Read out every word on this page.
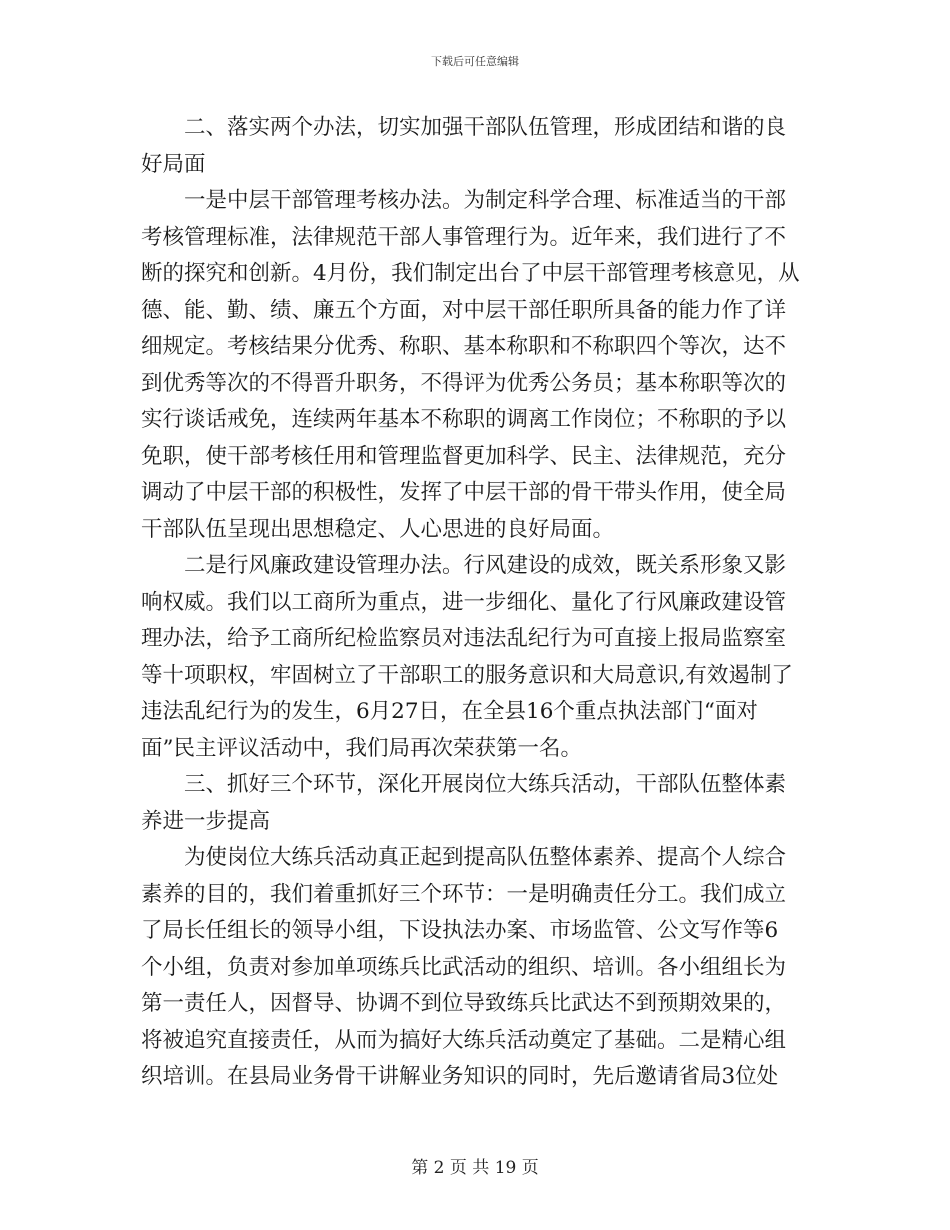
下载后可任意编辑
　　二、落实两个办法，切实加强干部队伍管理，形成团结和谐的良
好局面
　　一是中层干部管理考核办法。为制定科学合理、标准适当的干部
考核管理标准，法律规范干部人事管理行为。近年来，我们进行了不
断的探究和创新。4月份，我们制定出台了中层干部管理考核意见，从
德、能、勤、绩、廉五个方面，对中层干部任职所具备的能力作了详
细规定。考核结果分优秀、称职、基本称职和不称职四个等次，达不
到优秀等次的不得晋升职务，不得评为优秀公务员；基本称职等次的
实行谈话戒免，连续两年基本不称职的调离工作岗位；不称职的予以
免职，使干部考核任用和管理监督更加科学、民主、法律规范，充分
调动了中层干部的积极性，发挥了中层干部的骨干带头作用，使全局
干部队伍呈现出思想稳定、人心思进的良好局面。
　　二是行风廉政建设管理办法。行风建设的成效，既关系形象又影
响权威。我们以工商所为重点，进一步细化、量化了行风廉政建设管
理办法，给予工商所纪检监察员对违法乱纪行为可直接上报局监察室
等十项职权，牢固树立了干部职工的服务意识和大局意识,有效遏制了
违法乱纪行为的发生，6月27日，在全县16个重点执法部门“面对
面”民主评议活动中，我们局再次荣获第一名。
　　三、抓好三个环节，深化开展岗位大练兵活动，干部队伍整体素
养进一步提高
　　为使岗位大练兵活动真正起到提高队伍整体素养、提高个人综合
素养的目的，我们着重抓好三个环节：一是明确责任分工。我们成立
了局长任组长的领导小组，下设执法办案、市场监管、公文写作等6
个小组，负责对参加单项练兵比武活动的组织、培训。各小组组长为
第一责任人，因督导、协调不到位导致练兵比武达不到预期效果的，
将被追究直接责任，从而为搞好大练兵活动奠定了基础。二是精心组
织培训。在县局业务骨干讲解业务知识的同时，先后邀请省局3位处
第 2 页 共 19 页
